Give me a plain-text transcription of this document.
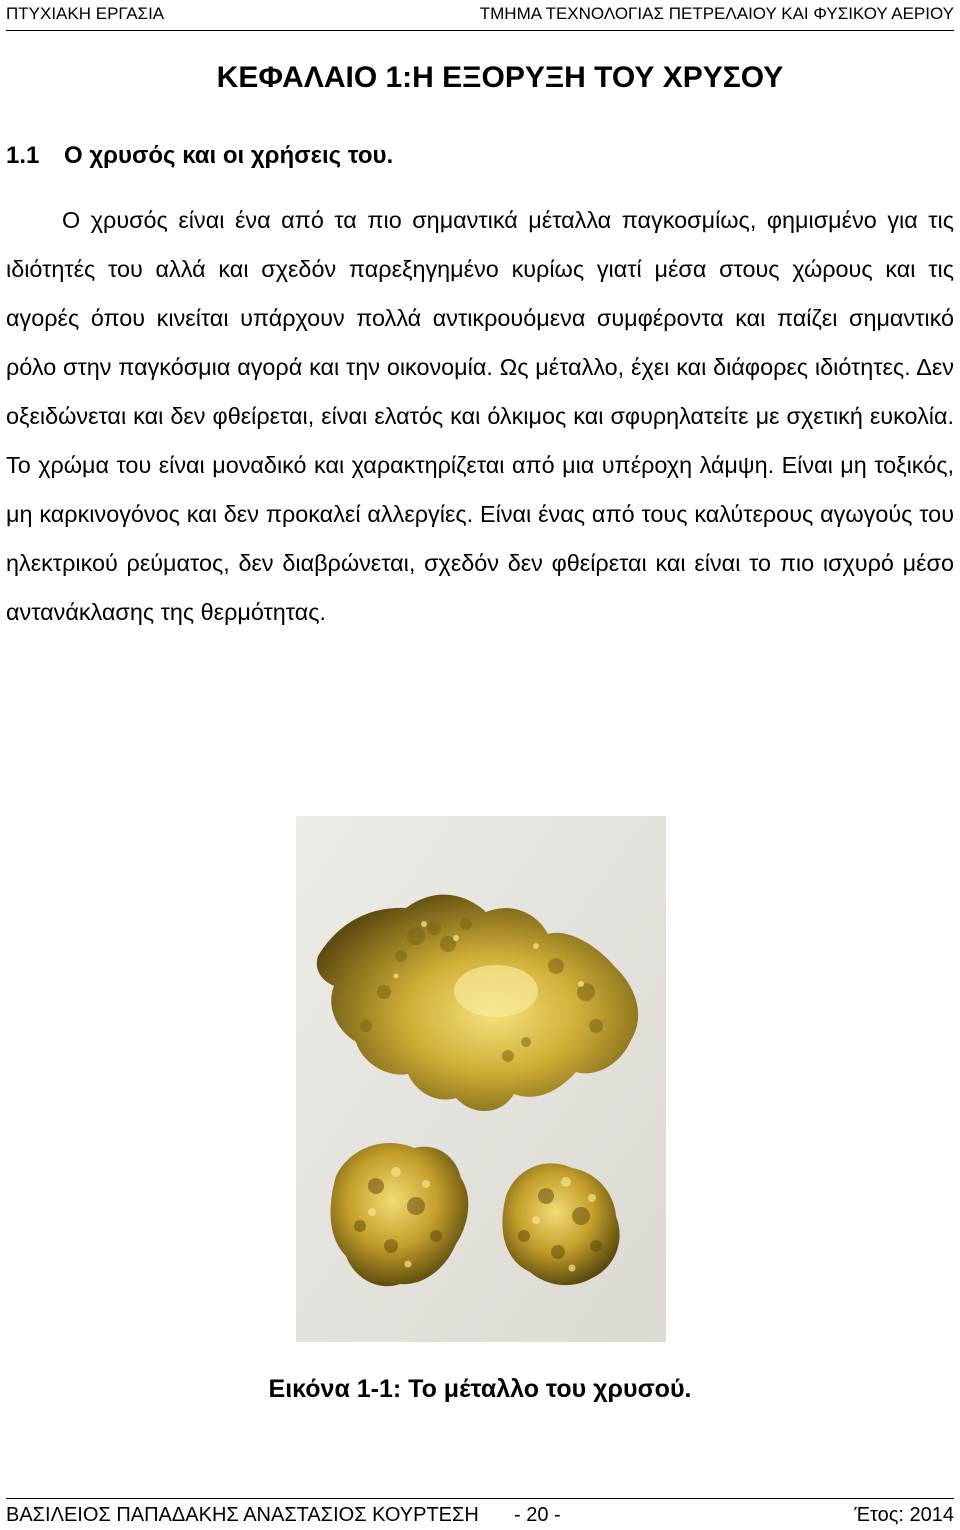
ΠΤΥΧΙΑΚΗ ΕΡΓΑΣΙΑ	ΤΜΗΜΑ ΤΕΧΝΟΛΟΓΙΑΣ ΠΕΤΡΕΛΑΙΟΥ ΚΑΙ ΦΥΣΙΚΟΥ ΑΕΡΙΟΥ
ΚΕΦΑΛΑΙΟ 1:Η ΕΞΟΡΥΞΗ ΤΟΥ ΧΡΥΣΟΥ
1.1 Ο χρυσός και οι χρήσεις του.

Ο χρυσός είναι ένα από τα πιο σημαντικά μέταλλα παγκοσμίως, φημισμένο για τις ιδιότητές του αλλά και σχεδόν παρεξηγημένο κυρίως γιατί μέσα στους χώρους και τις αγορές όπου κινείται υπάρχουν πολλά αντικρουόμενα συμφέροντα και παίζει σημαντικό ρόλο στην παγκόσμια αγορά και την οικονομία. Ως μέταλλο, έχει και διάφορες ιδιότητες. Δεν οξειδώνεται και δεν φθείρεται, είναι ελατός και όλκιμος και σφυρηλατείτε με σχετική ευκολία. Το χρώμα του είναι μοναδικό και χαρακτηρίζεται από μια υπέροχη λάμψη. Είναι μη τοξικός, μη καρκινογόνος και δεν προκαλεί αλλεργίες. Είναι ένας από τους καλύτερους αγωγούς του ηλεκτρικού ρεύματος, δεν διαβρώνεται, σχεδόν δεν φθείρεται και είναι το πιο ισχυρό μέσο αντανάκλασης της θερμότητας.

Εικόνα 1-1: Το μέταλλο του χρυσού.
ΒΑΣΙΛΕΙΟΣ ΠΑΠΑΔΑΚΗΣ ΑΝΑΣΤΑΣΙΟΣ ΚΟΥΡΤΕΣΗ - 20 -	Έτος: 2014
